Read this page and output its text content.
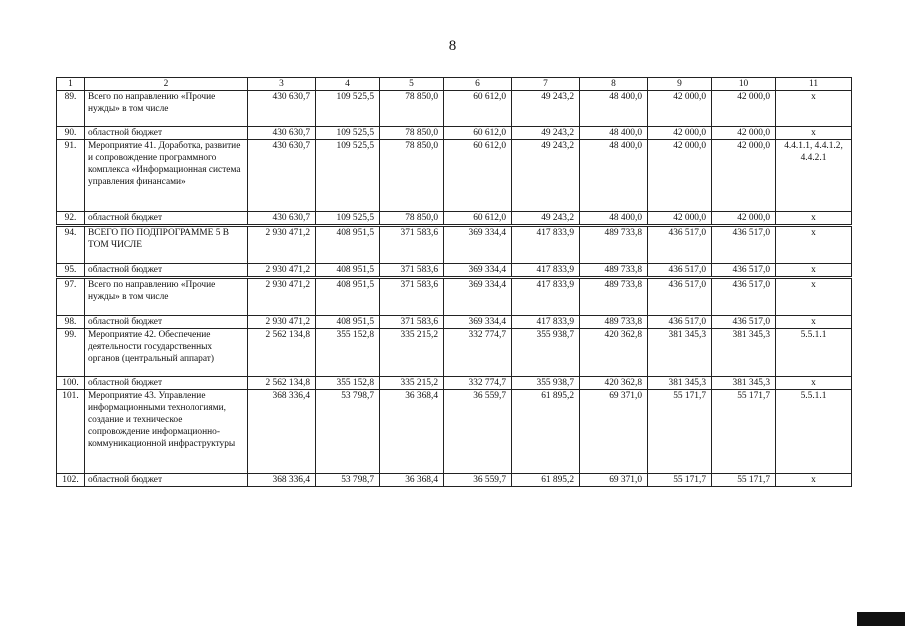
8
1	2	3	4	5	6	7	8	9	10	11
89.	Всего по направлению «Прочие нужды» в том числе	430 630,7	109 525,5	78 850,0	60 612,0	49 243,2	48 400,0	42 000,0	42 000,0	x
90.	областной бюджет	430 630,7	109 525,5	78 850,0	60 612,0	49 243,2	48 400,0	42 000,0	42 000,0	x
91.	Мероприятие 41. Доработка, развитие и сопровождение программного комплекса «Информационная система управления финансами»	430 630,7	109 525,5	78 850,0	60 612,0	49 243,2	48 400,0	42 000,0	42 000,0	4.4.1.1, 4.4.1.2, 4.4.2.1
92.	областной бюджет	430 630,7	109 525,5	78 850,0	60 612,0	49 243,2	48 400,0	42 000,0	42 000,0	x
94.	ВСЕГО ПО ПОДПРОГРАММЕ 5 В ТОМ ЧИСЛЕ	2 930 471,2	408 951,5	371 583,6	369 334,4	417 833,9	489 733,8	436 517,0	436 517,0	x
95.	областной бюджет	2 930 471,2	408 951,5	371 583,6	369 334,4	417 833,9	489 733,8	436 517,0	436 517,0	x
97.	Всего по направлению «Прочие нужды» в том числе	2 930 471,2	408 951,5	371 583,6	369 334,4	417 833,9	489 733,8	436 517,0	436 517,0	x
98.	областной бюджет	2 930 471,2	408 951,5	371 583,6	369 334,4	417 833,9	489 733,8	436 517,0	436 517,0	x
99.	Мероприятие 42. Обеспечение деятельности государственных органов (центральный аппарат)	2 562 134,8	355 152,8	335 215,2	332 774,7	355 938,7	420 362,8	381 345,3	381 345,3	5.5.1.1
100.	областной бюджет	2 562 134,8	355 152,8	335 215,2	332 774,7	355 938,7	420 362,8	381 345,3	381 345,3	x
101.	Мероприятие 43. Управление информационными технологиями, создание и техническое сопровождение информационно-коммуникационной инфраструктуры	368 336,4	53 798,7	36 368,4	36 559,7	61 895,2	69 371,0	55 171,7	55 171,7	5.5.1.1
102.	областной бюджет	368 336,4	53 798,7	36 368,4	36 559,7	61 895,2	69 371,0	55 171,7	55 171,7	x
